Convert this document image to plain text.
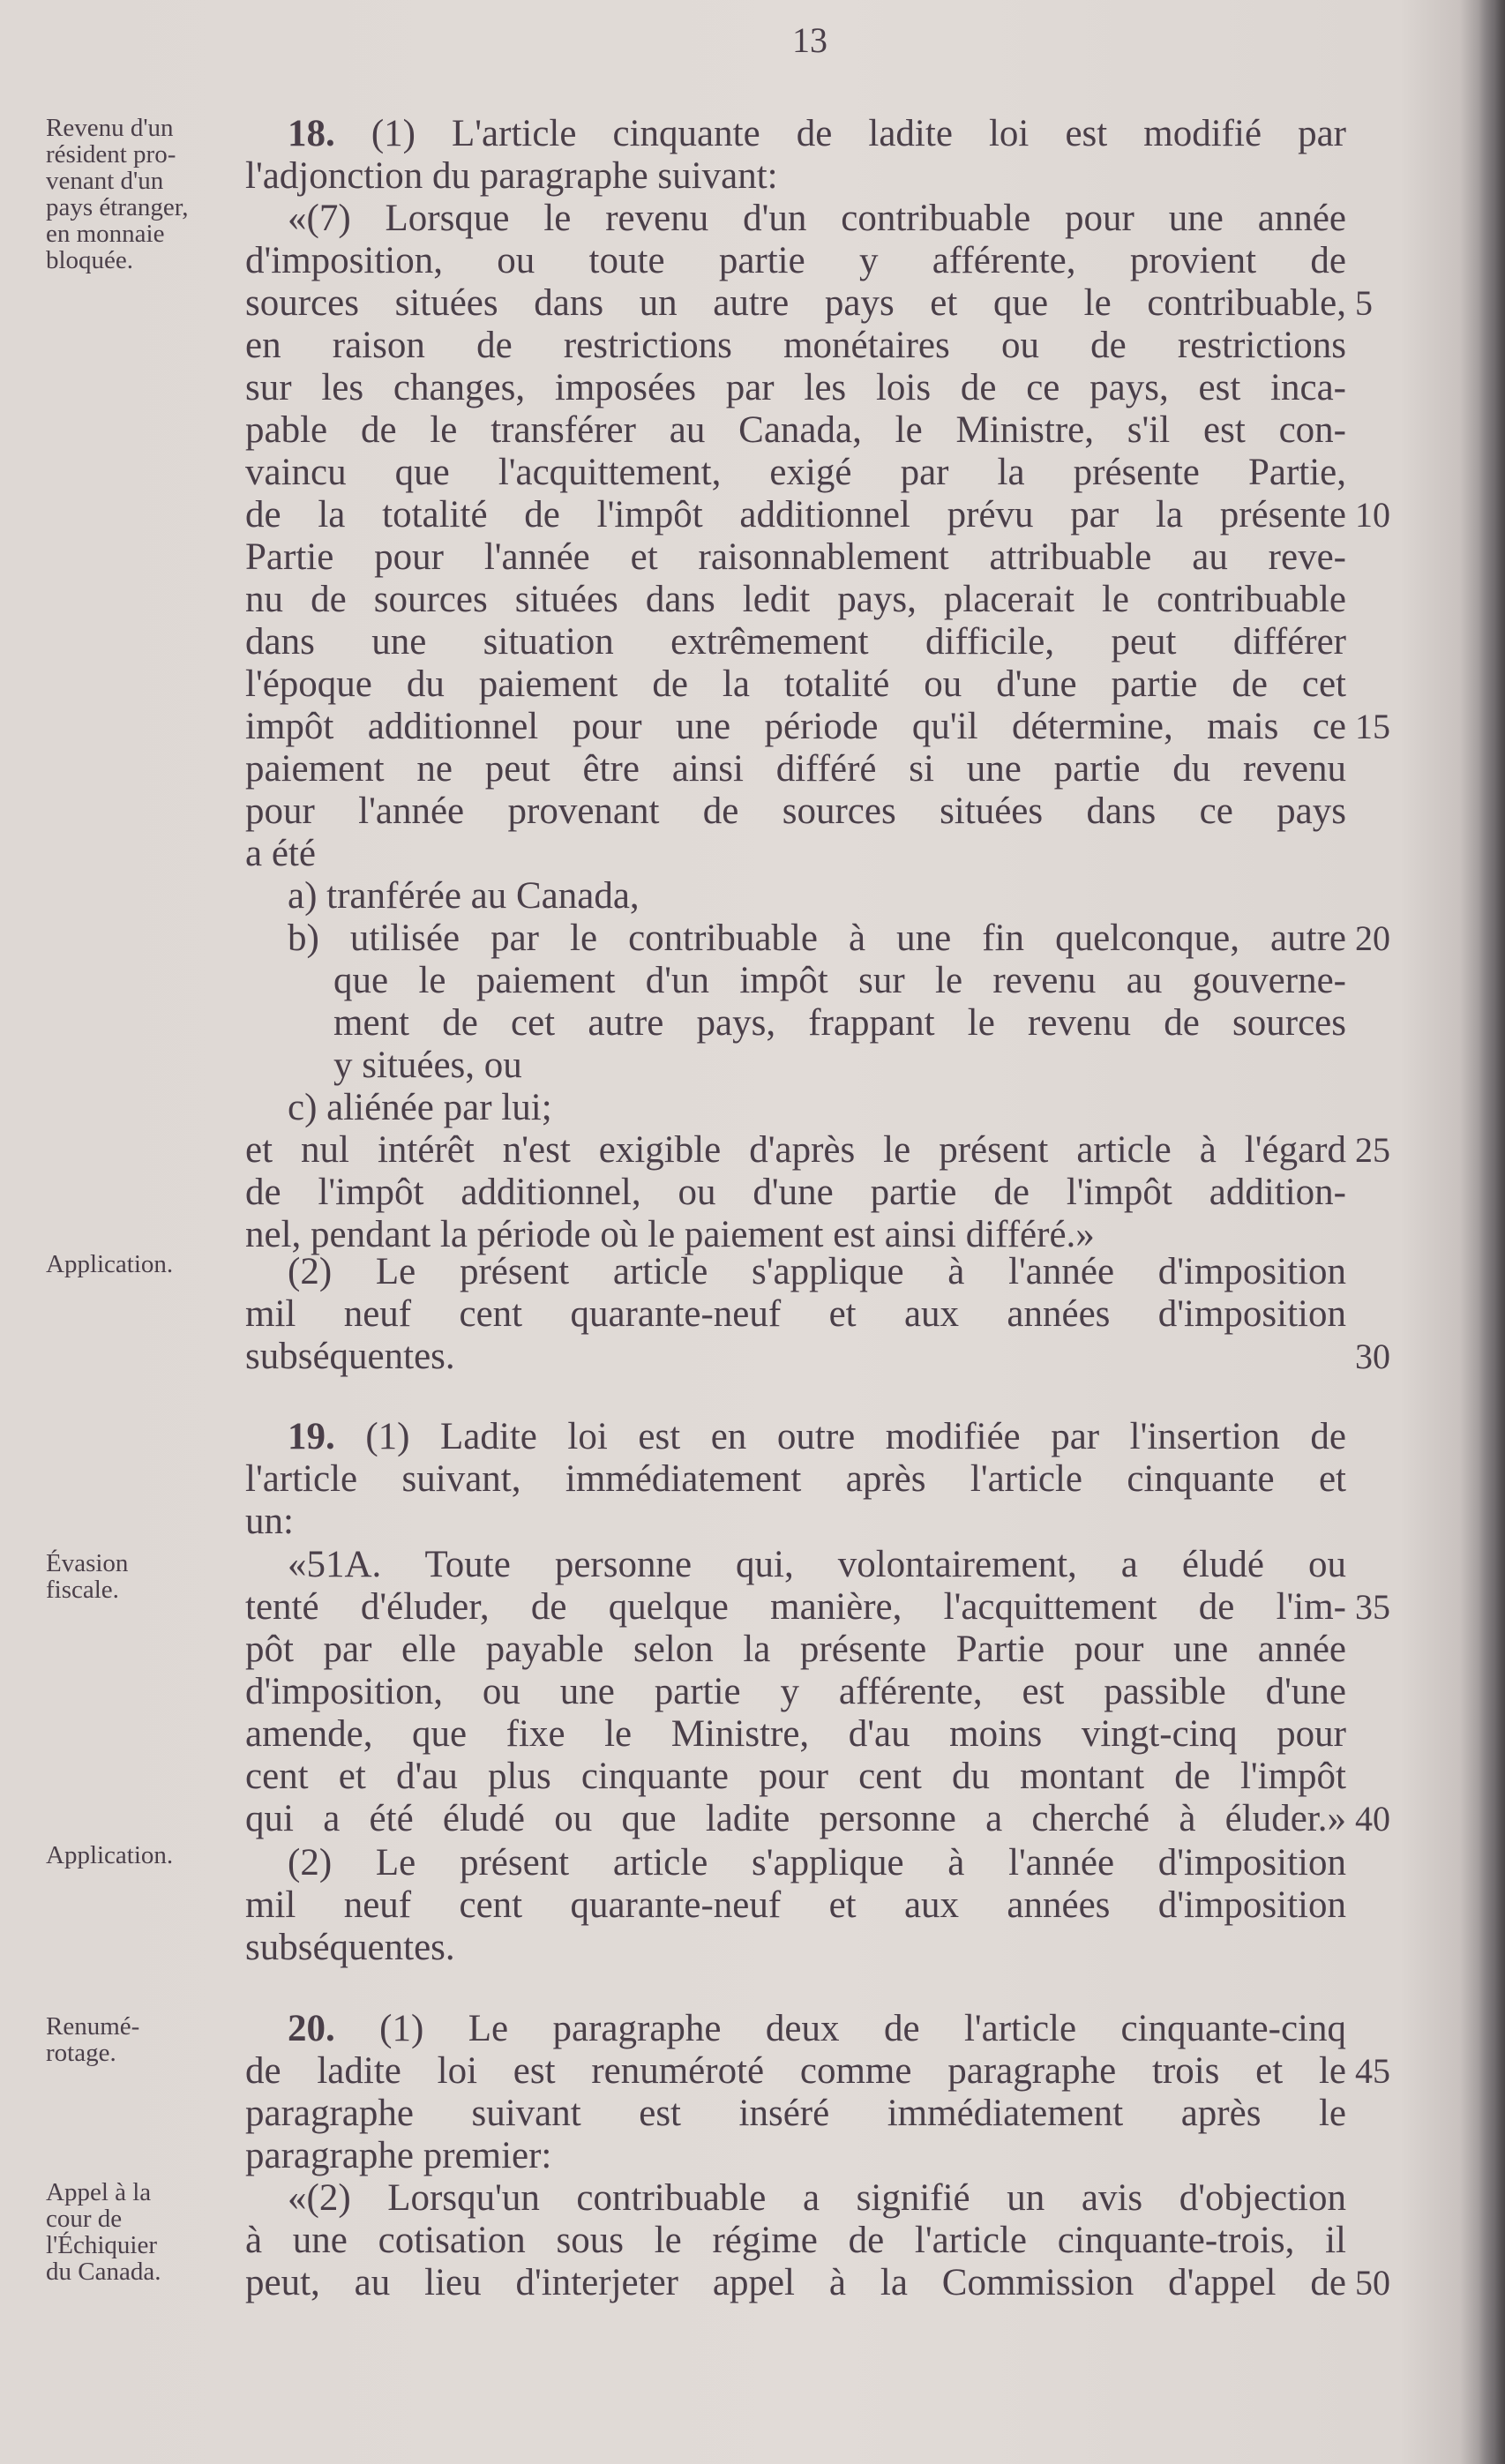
13
Revenu d'un
résident pro-
venant d'un
pays étranger,
en monnaie
bloquée.
Application.
Évasion
fiscale.
Application.
Renumé-
rotage.
Appel à la
cour de
l'Échiquier
du Canada.
18. (1) L'article cinquante de ladite loi est modifié par
l'adjonction du paragraphe suivant:
«(7) Lorsque le revenu d'un contribuable pour une année
d'imposition, ou toute partie y afférente, provient de
sources situées dans un autre pays et que le contribuable, 5
en raison de restrictions monétaires ou de restrictions
sur les changes, imposées par les lois de ce pays, est inca-
pable de le transférer au Canada, le Ministre, s'il est con-
vaincu que l'acquittement, exigé par la présente Partie,
de la totalité de l'impôt additionnel prévu par la présente 10
Partie pour l'année et raisonnablement attribuable au reve-
nu de sources situées dans ledit pays, placerait le contribuable
dans une situation extrêmement difficile, peut différer
l'époque du paiement de la totalité ou d'une partie de cet
impôt additionnel pour une période qu'il détermine, mais ce 15
paiement ne peut être ainsi différé si une partie du revenu
pour l'année provenant de sources situées dans ce pays
a été
a) tranférée au Canada,
b) utilisée par le contribuable à une fin quelconque, autre 20
que le paiement d'un impôt sur le revenu au gouverne-
ment de cet autre pays, frappant le revenu de sources
y situées, ou
c) aliénée par lui;
et nul intérêt n'est exigible d'après le présent article à l'égard 25
de l'impôt additionnel, ou d'une partie de l'impôt addition-
nel, pendant la période où le paiement est ainsi différé.»
(2) Le présent article s'applique à l'année d'imposition
mil neuf cent quarante-neuf et aux années d'imposition
subséquentes.	30
19. (1) Ladite loi est en outre modifiée par l'insertion de
l'article suivant, immédiatement après l'article cinquante et
un:
«51A. Toute personne qui, volontairement, a éludé ou
tenté d'éluder, de quelque manière, l'acquittement de l'im- 35
pôt par elle payable selon la présente Partie pour une année
d'imposition, ou une partie y afférente, est passible d'une
amende, que fixe le Ministre, d'au moins vingt-cinq pour
cent et d'au plus cinquante pour cent du montant de l'impôt
qui a été éludé ou que ladite personne a cherché à éluder.» 40
(2) Le présent article s'applique à l'année d'imposition
mil neuf cent quarante-neuf et aux années d'imposition
subséquentes.
20. (1) Le paragraphe deux de l'article cinquante-cinq
de ladite loi est renuméroté comme paragraphe trois et le 45
paragraphe suivant est inséré immédiatement après le
paragraphe premier:
«(2) Lorsqu'un contribuable a signifié un avis d'objection
à une cotisation sous le régime de l'article cinquante-trois, il
peut, au lieu d'interjeter appel à la Commission d'appel de 50
